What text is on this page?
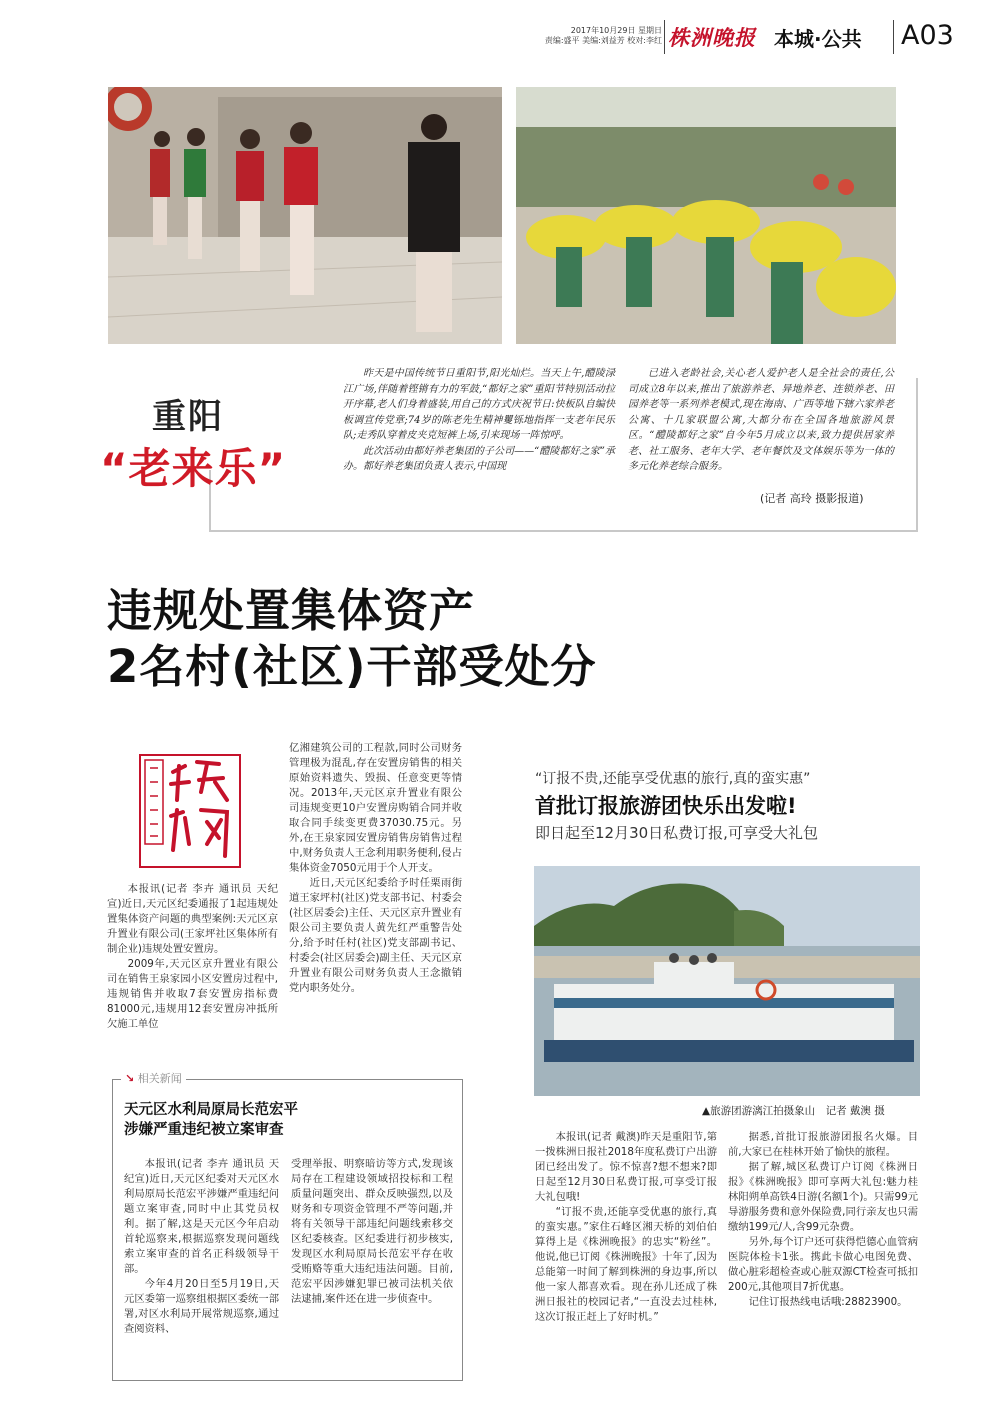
2017年10月29日 星期日
责编:盛平 美编:刘益芳 校对:李红 株洲晚报 本城·公共 A03
重阳
“老来乐”

昨天是中国传统节日重阳节,阳光灿烂。当天上午,醴陵渌江广场,伴随着铿锵有力的军鼓,“都好之家”重阳节特别活动拉开序幕,老人们身着盛装,用自己的方式庆祝节日:快板队自编快板调宣传党章;74岁的陈老先生精神矍铄地指挥一支老年民乐队;走秀队穿着皮夹克短裤上场,引来现场一阵惊呼。

此次活动由都好养老集团的子公司——“醴陵都好之家”承办。都好养老集团负责人表示,中国现

已进入老龄社会,关心老人爱护老人是全社会的责任,公司成立8年以来,推出了旅游养老、异地养老、连锁养老、田园养老等一系列养老模式,现在海南、广西等地下辖六家养老公寓、十几家联盟公寓,大都分布在全国各地旅游风景区。“醴陵都好之家”自今年5月成立以来,致力提供居家养老、社工服务、老年大学、老年餐饮及文体娱乐等为一体的多元化养老综合服务。

(记者 高玲 摄影报道)
违规处置集体资产
2名村(社区)干部受处分

本报讯(记者 李卉 通讯员 天纪宣)近日,天元区纪委通报了1起违规处置集体资产问题的典型案例:天元区京升置业有限公司(王家坪社区集体所有制企业)违规处置安置房。

2009年,天元区京升置业有限公司在销售王泉家园小区安置房过程中,违规销售并收取7套安置房指标费81000元,违规用12套安置房冲抵所欠施工单位

亿湘建筑公司的工程款,同时公司财务管理极为混乱,存在安置房销售的相关原始资料遗失、毁损、任意变更等情况。2013年,天元区京升置业有限公司违规变更10户安置房购销合同并收取合同手续变更费37030.75元。另外,在王泉家园安置房销售房销售过程中,财务负责人王念利用职务便利,侵占集体资金7050元用于个人开支。

近日,天元区纪委给予时任栗雨街道王家坪村(社区)党支部书记、村委会(社区居委会)主任、天元区京升置业有限公司主要负责人黄先红严重警告处分,给予时任村(社区)党支部副书记、村委会(社区居委会)副主任、天元区京升置业有限公司财务负责人王念撤销党内职务处分。

↘ 相关新闻
天元区水利局原局长范宏平
涉嫌严重违纪被立案审查

本报讯(记者 李卉 通讯员 天纪宣)近日,天元区纪委对天元区水利局原局长范宏平涉嫌严重违纪问题立案审查,同时中止其党员权利。据了解,这是天元区今年启动首轮巡察来,根据巡察发现问题线索立案审查的首名正科级领导干部。

今年4月20日至5月19日,天元区委第一巡察组根据区委统一部署,对区水利局开展常规巡察,通过查阅资料、

受理举报、明察暗访等方式,发现该局存在工程建设领域招投标和工程质量问题突出、群众反映强烈,以及财务和专项资金管理不严等问题,并将有关领导干部违纪问题线索移交区纪委核查。区纪委进行初步核实,发现区水利局原局长范宏平存在收受贿赂等重大违纪违法问题。目前,范宏平因涉嫌犯罪已被司法机关依法逮捕,案件还在进一步侦查中。

“订报不贵,还能享受优惠的旅行,真的蛮实惠”
首批订报旅游团快乐出发啦!
即日起至12月30日私费订报,可享受大礼包
▲旅游团游漓江拍摄象山　记者 戴澳 摄

本报讯(记者 戴澳)昨天是重阳节,第一拨株洲日报社2018年度私费订户出游团已经出发了。惊不惊喜?想不想来?即日起至12月30日私费订报,可享受订报大礼包哦!

“订报不贵,还能享受优惠的旅行,真的蛮实惠。”家住石峰区湘天桥的刘伯伯算得上是《株洲晚报》的忠实“粉丝”。他说,他已订阅《株洲晚报》十年了,因为总能第一时间了解到株洲的身边事,所以他一家人都喜欢看。现在孙儿还成了株洲日报社的校园记者,“一直没去过桂林,这次订报正赶上了好时机。”

据悉,首批订报旅游团报名火爆。目前,大家已在桂林开始了愉快的旅程。

据了解,城区私费订户订阅《株洲日报》《株洲晚报》即可享两大礼包:魅力桂林阳朔单高铁4日游(名额1个)。只需99元导游服务费和意外保险费,同行亲友也只需缴纳199元/人,含99元杂费。

另外,每个订户还可获得恺德心血管病医院体检卡1张。携此卡做心电图免费、做心脏彩超检查或心脏双源CT检查可抵扣200元,其他项目7折优惠。

记住订报热线电话哦:28823900。
